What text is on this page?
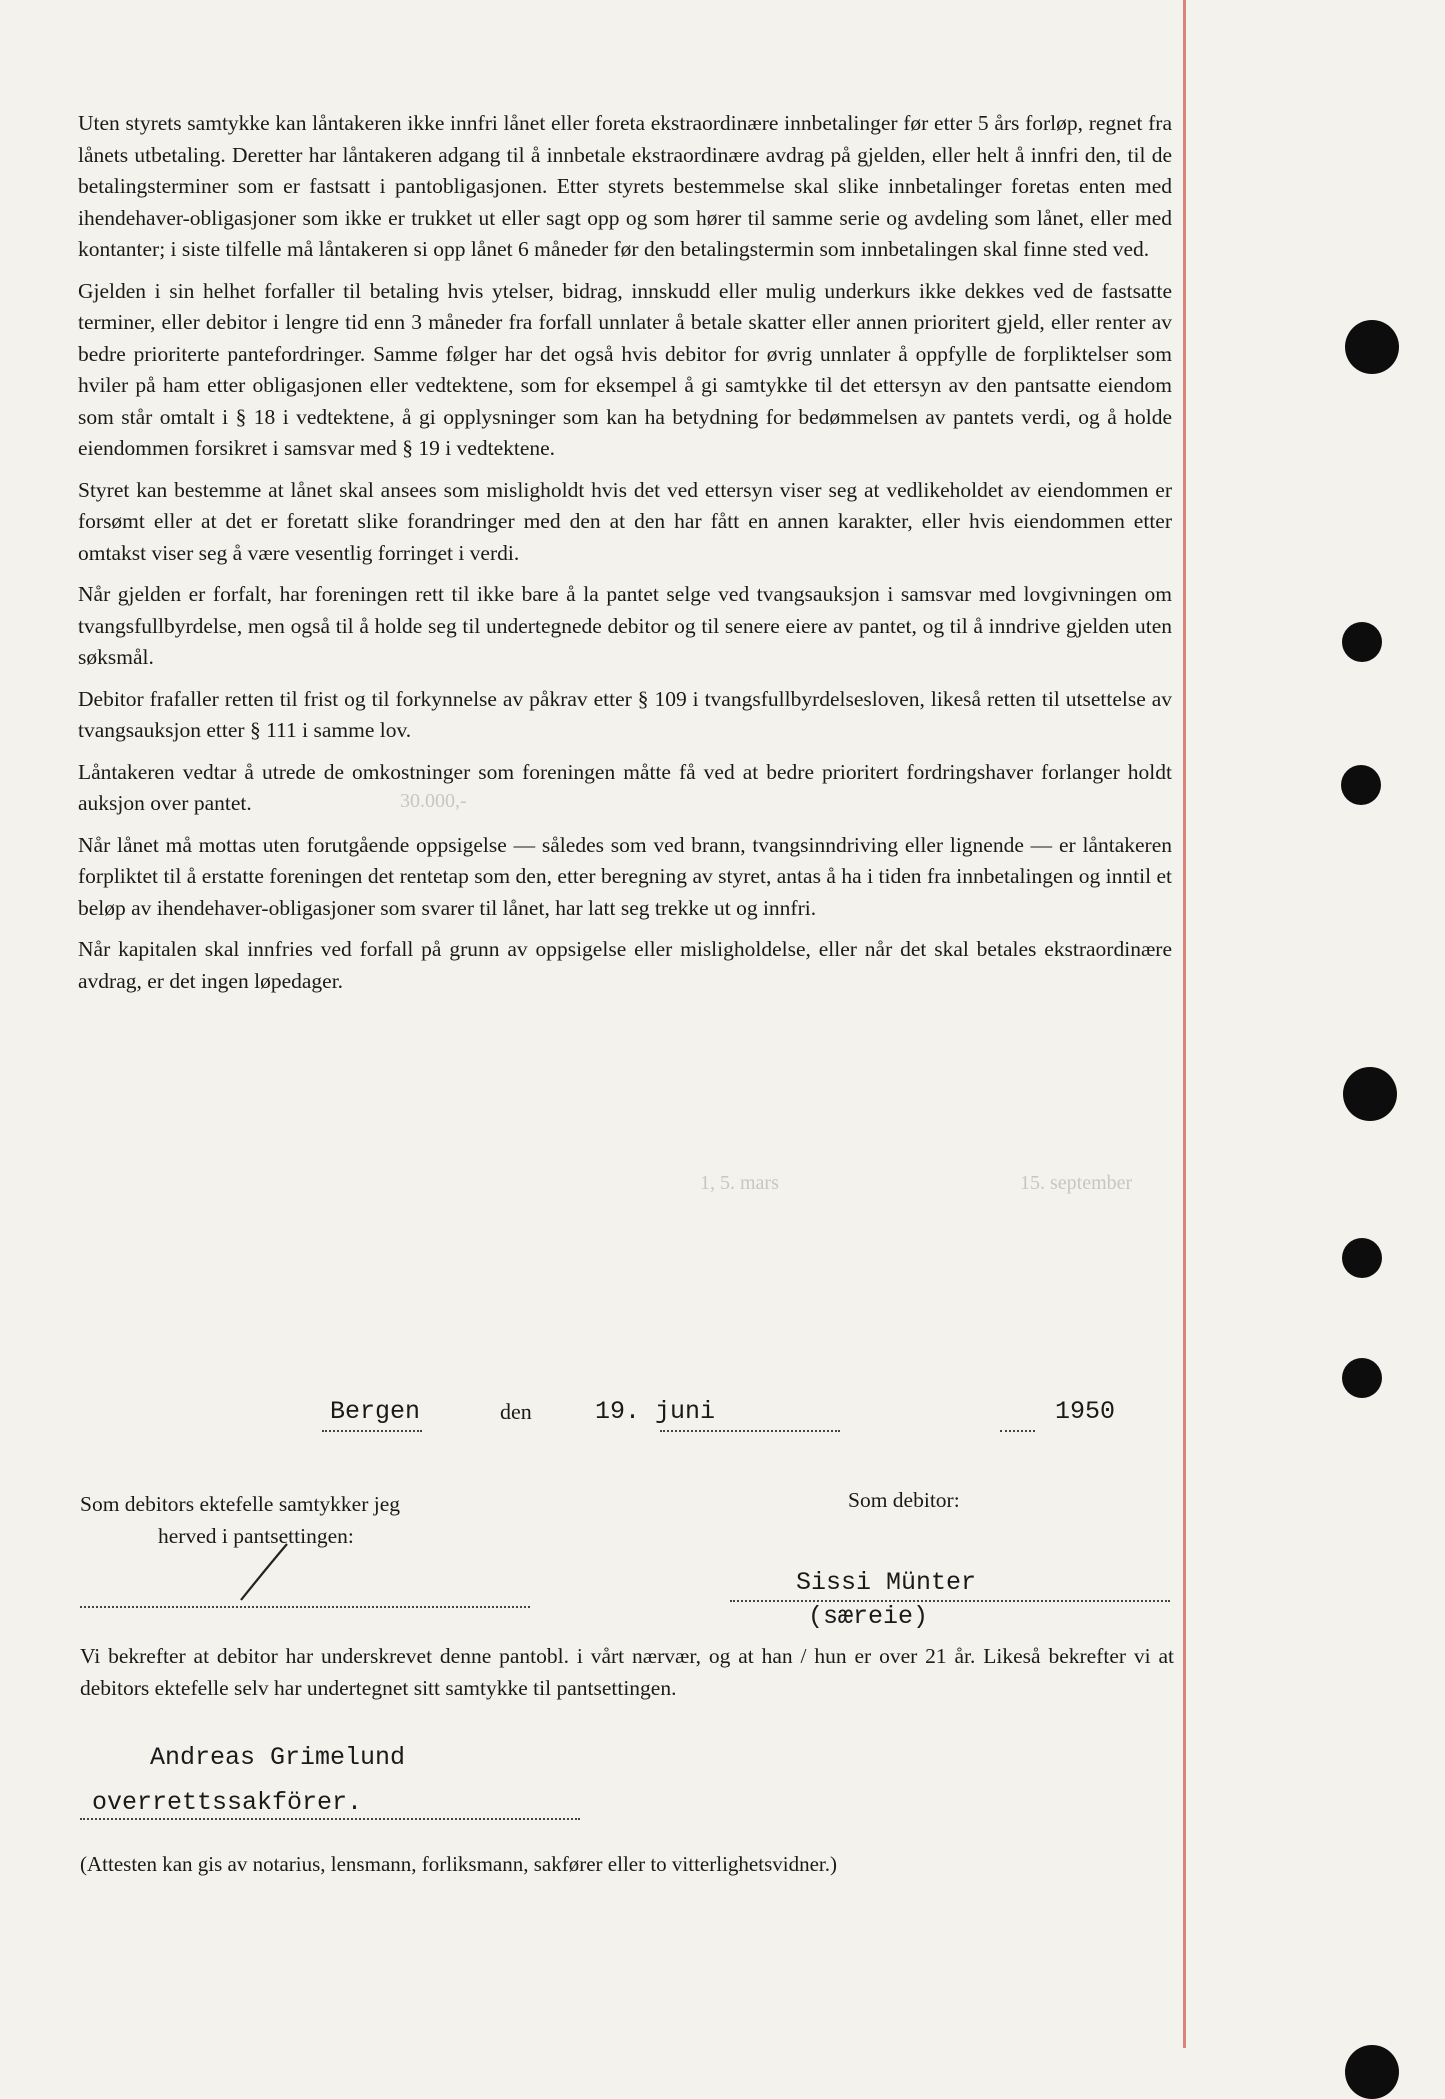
30.000,-
1, 5. mars	15. september

Uten styrets samtykke kan låntakeren ikke innfri lånet eller foreta ekstraordinære innbetalinger før etter 5 års forløp, regnet fra lånets utbetaling. Deretter har låntakeren adgang til å innbetale ekstraordinære avdrag på gjelden, eller helt å innfri den, til de betalingsterminer som er fastsatt i pantobligasjonen. Etter styrets bestemmelse skal slike innbetalinger foretas enten med ihendehaver-obligasjoner som ikke er trukket ut eller sagt opp og som hører til samme serie og avdeling som lånet, eller med kontanter; i siste tilfelle må låntakeren si opp lånet 6 måneder før den betalingstermin som innbetalingen skal finne sted ved.

Gjelden i sin helhet forfaller til betaling hvis ytelser, bidrag, innskudd eller mulig underkurs ikke dekkes ved de fastsatte terminer, eller debitor i lengre tid enn 3 måneder fra forfall unnlater å betale skatter eller annen prioritert gjeld, eller renter av bedre prioriterte pantefordringer. Samme følger har det også hvis debitor for øvrig unnlater å oppfylle de forpliktelser som hviler på ham etter obligasjonen eller vedtektene, som for eksempel å gi samtykke til det ettersyn av den pantsatte eiendom som står omtalt i § 18 i vedtektene, å gi opplysninger som kan ha betydning for bedømmelsen av pantets verdi, og å holde eiendommen forsikret i samsvar med § 19 i vedtektene.

Styret kan bestemme at lånet skal ansees som misligholdt hvis det ved ettersyn viser seg at vedlikeholdet av eiendommen er forsømt eller at det er foretatt slike forandringer med den at den har fått en annen karakter, eller hvis eiendommen etter omtakst viser seg å være vesentlig forringet i verdi.

Når gjelden er forfalt, har foreningen rett til ikke bare å la pantet selge ved tvangsauksjon i samsvar med lovgivningen om tvangsfullbyrdelse, men også til å holde seg til undertegnede debitor og til senere eiere av pantet, og til å inndrive gjelden uten søksmål.

Debitor frafaller retten til frist og til forkynnelse av påkrav etter § 109 i tvangsfullbyrdelsesloven, likeså retten til utsettelse av tvangsauksjon etter § 111 i samme lov.

Låntakeren vedtar å utrede de omkostninger som foreningen måtte få ved at bedre prioritert fordringshaver forlanger holdt auksjon over pantet.

Når lånet må mottas uten forutgående oppsigelse — således som ved brann, tvangsinndriving eller lignende — er låntakeren forpliktet til å erstatte foreningen det rentetap som den, etter beregning av styret, antas å ha i tiden fra innbetalingen og inntil et beløp av ihendehaver-obligasjoner som svarer til lånet, har latt seg trekke ut og innfri.

Når kapitalen skal innfries ved forfall på grunn av oppsigelse eller misligholdelse, eller når det skal betales ekstraordinære avdrag, er det ingen løpedager.

Bergen	den	19. juni	1950
Som debitors ektefelle samtykker jeg
herved i pantsettingen:
Som debitor:
Sissi Münter
(særeie)
Vi bekrefter at debitor har underskrevet denne pantobl. i vårt nærvær, og at han / hun er over 21 år. Likeså bekrefter vi at debitors ektefelle selv har undertegnet sitt samtykke til pantsettingen.
Andreas Grimelund
overrettssakförer.
(Attesten kan gis av notarius, lensmann, forliksmann, sakfører eller to vitterlighetsvidner.)
